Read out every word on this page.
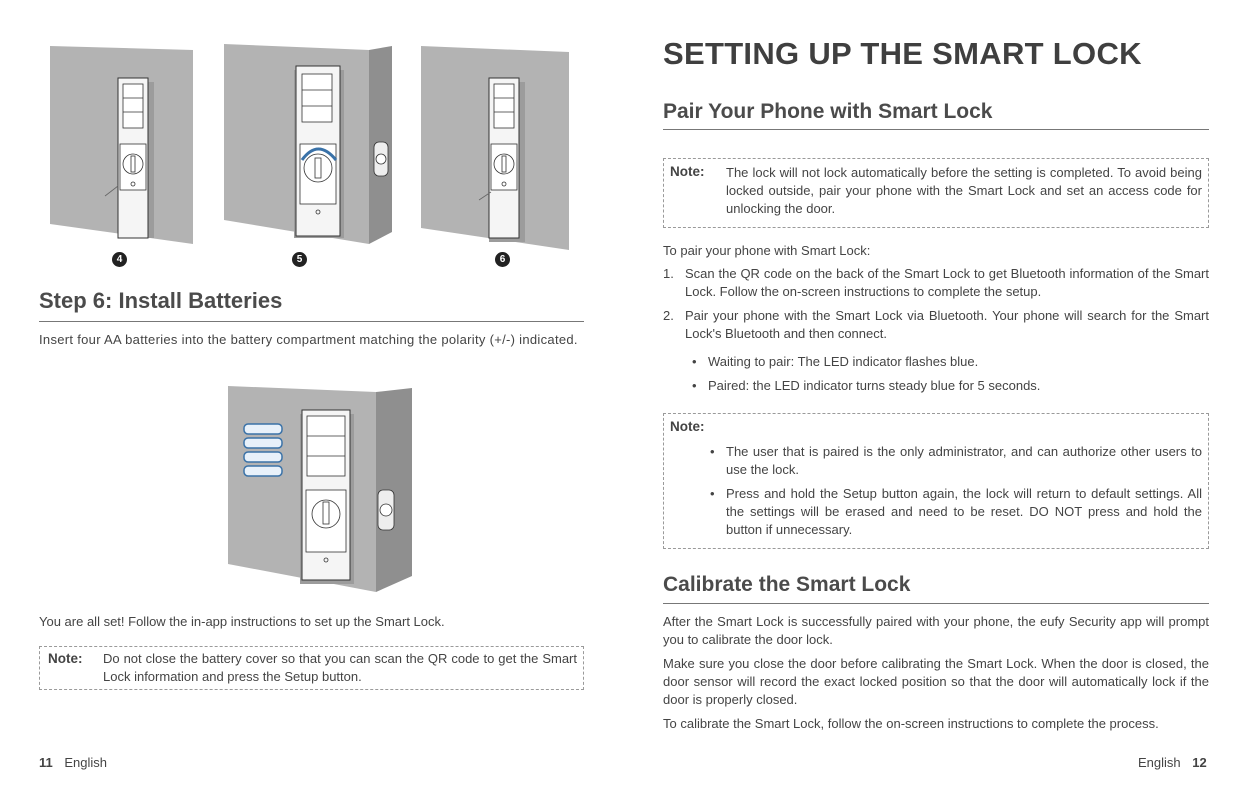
4	5	6
Step 6: Install Batteries
Insert four AA batteries into the battery compartment matching the polarity (+/-) indicated.
You are all set! Follow the in-app instructions to set up the Smart Lock.
Note: Do not close the battery cover so that you can scan the QR code to get the Smart Lock information and press the Setup button.
11 English
SETTING UP THE SMART LOCK
Pair Your Phone with Smart Lock
Note: The lock will not lock automatically before the setting is completed. To avoid being locked outside, pair your phone with the Smart Lock and set an access code for unlocking the door.
To pair your phone with Smart Lock:
1. Scan the QR code on the back of the Smart Lock to get Bluetooth information of the Smart Lock. Follow the on-screen instructions to complete the setup.
2. Pair your phone with the Smart Lock via Bluetooth. Your phone will search for the Smart Lock's Bluetooth and then connect.
• Waiting to pair: The LED indicator flashes blue.
• Paired: the LED indicator turns steady blue for 5 seconds.
Note:
• The user that is paired is the only administrator, and can authorize other users to use the lock.
• Press and hold the Setup button again, the lock will return to default settings. All the settings will be erased and need to be reset. DO NOT press and hold the button if unnecessary.
Calibrate the Smart Lock
After the Smart Lock is successfully paired with your phone, the eufy Security app will prompt you to calibrate the door lock.
Make sure you close the door before calibrating the Smart Lock. When the door is closed, the door sensor will record the exact locked position so that the door will automatically lock if the door is properly closed.
To calibrate the Smart Lock, follow the on-screen instructions to complete the process.
English 12
